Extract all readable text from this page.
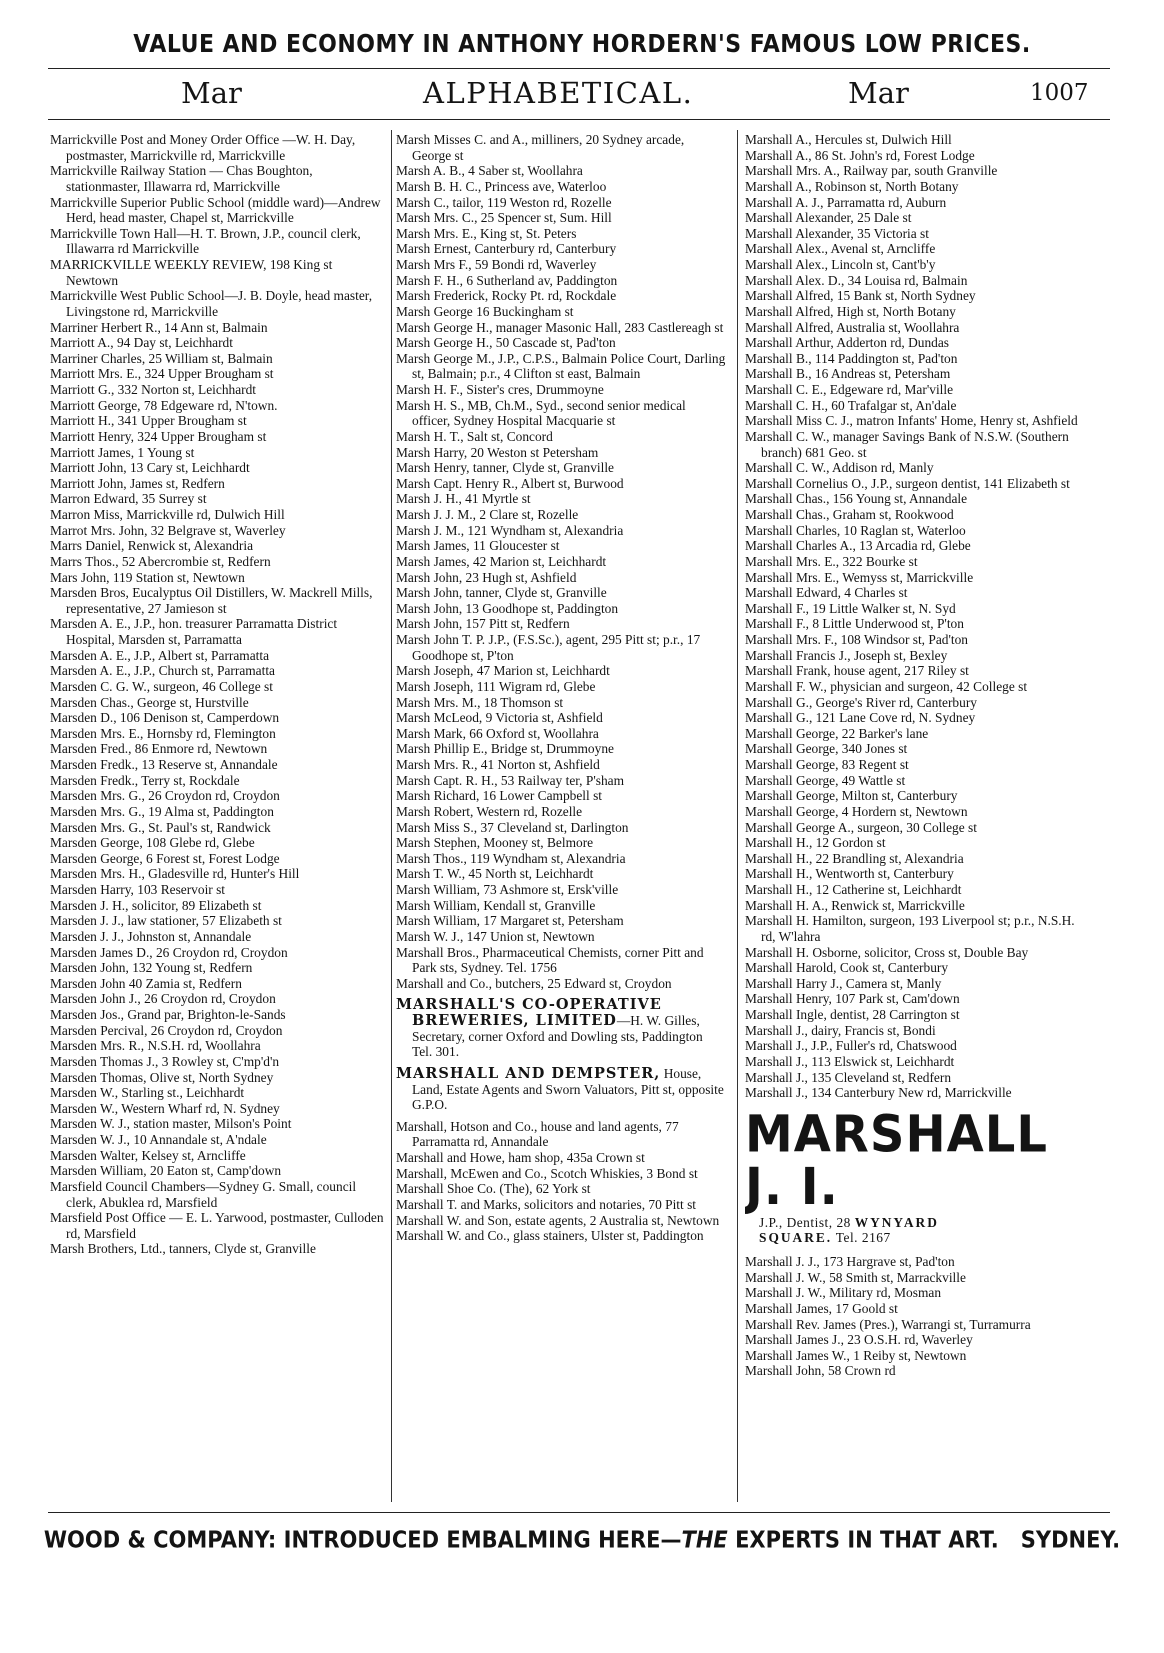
VALUE AND ECONOMY IN ANTHONY HORDERN'S FAMOUS LOW PRICES.
Mar	ALPHABETICAL.	Mar	1007

Marrickville Post and Money Order Office —W. H. Day, postmaster, Marrickville rd, Marrickville

Marrickville Railway Station — Chas Boughton, stationmaster, Illawarra rd, Marrickville

Marrickville Superior Public School (middle ward)—Andrew Herd, head master, Chapel st, Marrickville

Marrickville Town Hall—H. T. Brown, J.P., council clerk, Illawarra rd Marrickville

MARRICKVILLE WEEKLY REVIEW, 198 King st Newtown

Marrickville West Public School—J. B. Doyle, head master, Livingstone rd, Marrickville

Marriner Herbert R., 14 Ann st, Balmain

Marriott A., 94 Day st, Leichhardt

Marriner Charles, 25 William st, Balmain

Marriott Mrs. E., 324 Upper Brougham st

Marriott G., 332 Norton st, Leichhardt

Marriott George, 78 Edgeware rd, N'town.

Marriott H., 341 Upper Brougham st

Marriott Henry, 324 Upper Brougham st

Marriott James, 1 Young st

Marriott John, 13 Cary st, Leichhardt

Marriott John, James st, Redfern

Marron Edward, 35 Surrey st

Marron Miss, Marrickville rd, Dulwich Hill

Marrot Mrs. John, 32 Belgrave st, Waverley

Marrs Daniel, Renwick st, Alexandria

Marrs Thos., 52 Abercrombie st, Redfern

Mars John, 119 Station st, Newtown

Marsden Bros, Eucalyptus Oil Distillers, W. Mackrell Mills, representative, 27 Jamieson st

Marsden A. E., J.P., hon. treasurer Parramatta District Hospital, Marsden st, Parramatta

Marsden A. E., J.P., Albert st, Parramatta

Marsden A. E., J.P., Church st, Parramatta

Marsden C. G. W., surgeon, 46 College st

Marsden Chas., George st, Hurstville

Marsden D., 106 Denison st, Camperdown

Marsden Mrs. E., Hornsby rd, Flemington

Marsden Fred., 86 Enmore rd, Newtown

Marsden Fredk., 13 Reserve st, Annandale

Marsden Fredk., Terry st, Rockdale

Marsden Mrs. G., 26 Croydon rd, Croydon

Marsden Mrs. G., 19 Alma st, Paddington

Marsden Mrs. G., St. Paul's st, Randwick

Marsden George, 108 Glebe rd, Glebe

Marsden George, 6 Forest st, Forest Lodge

Marsden Mrs. H., Gladesville rd, Hunter's Hill

Marsden Harry, 103 Reservoir st

Marsden J. H., solicitor, 89 Elizabeth st

Marsden J. J., law stationer, 57 Elizabeth st

Marsden J. J., Johnston st, Annandale

Marsden James D., 26 Croydon rd, Croydon

Marsden John, 132 Young st, Redfern

Marsden John 40 Zamia st, Redfern

Marsden John J., 26 Croydon rd, Croydon

Marsden Jos., Grand par, Brighton-le-Sands

Marsden Percival, 26 Croydon rd, Croydon

Marsden Mrs. R., N.S.H. rd, Woollahra

Marsden Thomas J., 3 Rowley st, C'mp'd'n

Marsden Thomas, Olive st, North Sydney

Marsden W., Starling st., Leichhardt

Marsden W., Western Wharf rd, N. Sydney

Marsden W. J., station master, Milson's Point

Marsden W. J., 10 Annandale st, A'ndale

Marsden Walter, Kelsey st, Arncliffe

Marsden William, 20 Eaton st, Camp'down

Marsfield Council Chambers—Sydney G. Small, council clerk, Abuklea rd, Marsfield

Marsfield Post Office — E. L. Yarwood, postmaster, Culloden rd, Marsfield

Marsh Brothers, Ltd., tanners, Clyde st, Granville

Marsh Misses C. and A., milliners, 20 Sydney arcade, George st

Marsh A. B., 4 Saber st, Woollahra

Marsh B. H. C., Princess ave, Waterloo

Marsh C., tailor, 119 Weston rd, Rozelle

Marsh Mrs. C., 25 Spencer st, Sum. Hill

Marsh Mrs. E., King st, St. Peters

Marsh Ernest, Canterbury rd, Canterbury

Marsh Mrs F., 59 Bondi rd, Waverley

Marsh F. H., 6 Sutherland av, Paddington

Marsh Frederick, Rocky Pt. rd, Rockdale

Marsh George 16 Buckingham st

Marsh George H., manager Masonic Hall, 283 Castlereagh st

Marsh George H., 50 Cascade st, Pad'ton

Marsh George M., J.P., C.P.S., Balmain Police Court, Darling st, Balmain; p.r., 4 Clifton st east, Balmain

Marsh H. F., Sister's cres, Drummoyne

Marsh H. S., MB, Ch.M., Syd., second senior medical officer, Sydney Hospital Macquarie st

Marsh H. T., Salt st, Concord

Marsh Harry, 20 Weston st Petersham

Marsh Henry, tanner, Clyde st, Granville

Marsh Capt. Henry R., Albert st, Burwood

Marsh J. H., 41 Myrtle st

Marsh J. J. M., 2 Clare st, Rozelle

Marsh J. M., 121 Wyndham st, Alexandria

Marsh James, 11 Gloucester st

Marsh James, 42 Marion st, Leichhardt

Marsh John, 23 Hugh st, Ashfield

Marsh John, tanner, Clyde st, Granville

Marsh John, 13 Goodhope st, Paddington

Marsh John, 157 Pitt st, Redfern

Marsh John T. P. J.P., (F.S.Sc.), agent, 295 Pitt st; p.r., 17 Goodhope st, P'ton

Marsh Joseph, 47 Marion st, Leichhardt

Marsh Joseph, 111 Wigram rd, Glebe

Marsh Mrs. M., 18 Thomson st

Marsh McLeod, 9 Victoria st, Ashfield

Marsh Mark, 66 Oxford st, Woollahra

Marsh Phillip E., Bridge st, Drummoyne

Marsh Mrs. R., 41 Norton st, Ashfield

Marsh Capt. R. H., 53 Railway ter, P'sham

Marsh Richard, 16 Lower Campbell st

Marsh Robert, Western rd, Rozelle

Marsh Miss S., 37 Cleveland st, Darlington

Marsh Stephen, Mooney st, Belmore

Marsh Thos., 119 Wyndham st, Alexandria

Marsh T. W., 45 North st, Leichhardt

Marsh William, 73 Ashmore st, Ersk'ville

Marsh William, Kendall st, Granville

Marsh William, 17 Margaret st, Petersham

Marsh W. J., 147 Union st, Newtown

Marshall Bros., Pharmaceutical Chemists, corner Pitt and Park sts, Sydney. Tel. 1756

Marshall and Co., butchers, 25 Edward st, Croydon

MARSHALL'S CO-OPERATIVE BREWERIES, LIMITED—H. W. Gilles, Secretary, corner Oxford and Dowling sts, Paddington Tel. 301.

MARSHALL AND DEMPSTER, House, Land, Estate Agents and Sworn Valuators, Pitt st, opposite G.P.O.

Marshall, Hotson and Co., house and land agents, 77 Parramatta rd, Annandale

Marshall and Howe, ham shop, 435a Crown st

Marshall, McEwen and Co., Scotch Whiskies, 3 Bond st

Marshall Shoe Co. (The), 62 York st

Marshall T. and Marks, solicitors and notaries, 70 Pitt st

Marshall W. and Son, estate agents, 2 Australia st, Newtown

Marshall W. and Co., glass stainers, Ulster st, Paddington

Marshall A., Hercules st, Dulwich Hill

Marshall A., 86 St. John's rd, Forest Lodge

Marshall Mrs. A., Railway par, south Granville

Marshall A., Robinson st, North Botany

Marshall A. J., Parramatta rd, Auburn

Marshall Alexander, 25 Dale st

Marshall Alexander, 35 Victoria st

Marshall Alex., Avenal st, Arncliffe

Marshall Alex., Lincoln st, Cant'b'y

Marshall Alex. D., 34 Louisa rd, Balmain

Marshall Alfred, 15 Bank st, North Sydney

Marshall Alfred, High st, North Botany

Marshall Alfred, Australia st, Woollahra

Marshall Arthur, Adderton rd, Dundas

Marshall B., 114 Paddington st, Pad'ton

Marshall B., 16 Andreas st, Petersham

Marshall C. E., Edgeware rd, Mar'ville

Marshall C. H., 60 Trafalgar st, An'dale

Marshall Miss C. J., matron Infants' Home, Henry st, Ashfield

Marshall C. W., manager Savings Bank of N.S.W. (Southern branch) 681 Geo. st

Marshall C. W., Addison rd, Manly

Marshall Cornelius O., J.P., surgeon dentist, 141 Elizabeth st

Marshall Chas., 156 Young st, Annandale

Marshall Chas., Graham st, Rookwood

Marshall Charles, 10 Raglan st, Waterloo

Marshall Charles A., 13 Arcadia rd, Glebe

Marshall Mrs. E., 322 Bourke st

Marshall Mrs. E., Wemyss st, Marrickville

Marshall Edward, 4 Charles st

Marshall F., 19 Little Walker st, N. Syd

Marshall F., 8 Little Underwood st, P'ton

Marshall Mrs. F., 108 Windsor st, Pad'ton

Marshall Francis J., Joseph st, Bexley

Marshall Frank, house agent, 217 Riley st

Marshall F. W., physician and surgeon, 42 College st

Marshall G., George's River rd, Canterbury

Marshall G., 121 Lane Cove rd, N. Sydney

Marshall George, 22 Barker's lane

Marshall George, 340 Jones st

Marshall George, 83 Regent st

Marshall George, 49 Wattle st

Marshall George, Milton st, Canterbury

Marshall George, 4 Hordern st, Newtown

Marshall George A., surgeon, 30 College st

Marshall H., 12 Gordon st

Marshall H., 22 Brandling st, Alexandria

Marshall H., Wentworth st, Canterbury

Marshall H., 12 Catherine st, Leichhardt

Marshall H. A., Renwick st, Marrickville

Marshall H. Hamilton, surgeon, 193 Liverpool st; p.r., N.S.H. rd, W'lahra

Marshall H. Osborne, solicitor, Cross st, Double Bay

Marshall Harold, Cook st, Canterbury

Marshall Harry J., Camera st, Manly

Marshall Henry, 107 Park st, Cam'down

Marshall Ingle, dentist, 28 Carrington st

Marshall J., dairy, Francis st, Bondi

Marshall J., J.P., Fuller's rd, Chatswood

Marshall J., 113 Elswick st, Leichhardt

Marshall J., 135 Cleveland st, Redfern

Marshall J., 134 Canterbury New rd, Marrickville

MARSHALL J. I.
J.P., Dentist, 28 WYNYARD
SQUARE. Tel. 2167

Marshall J. J., 173 Hargrave st, Pad'ton

Marshall J. W., 58 Smith st, Marrackville

Marshall J. W., Military rd, Mosman

Marshall James, 17 Goold st

Marshall Rev. James (Pres.), Warrangi st, Turramurra

Marshall James J., 23 O.S.H. rd, Waverley

Marshall James W., 1 Reiby st, Newtown

Marshall John, 58 Crown rd

WOOD & COMPANY: INTRODUCED EMBALMING HERE—THE EXPERTS IN THAT ART. SYDNEY.
